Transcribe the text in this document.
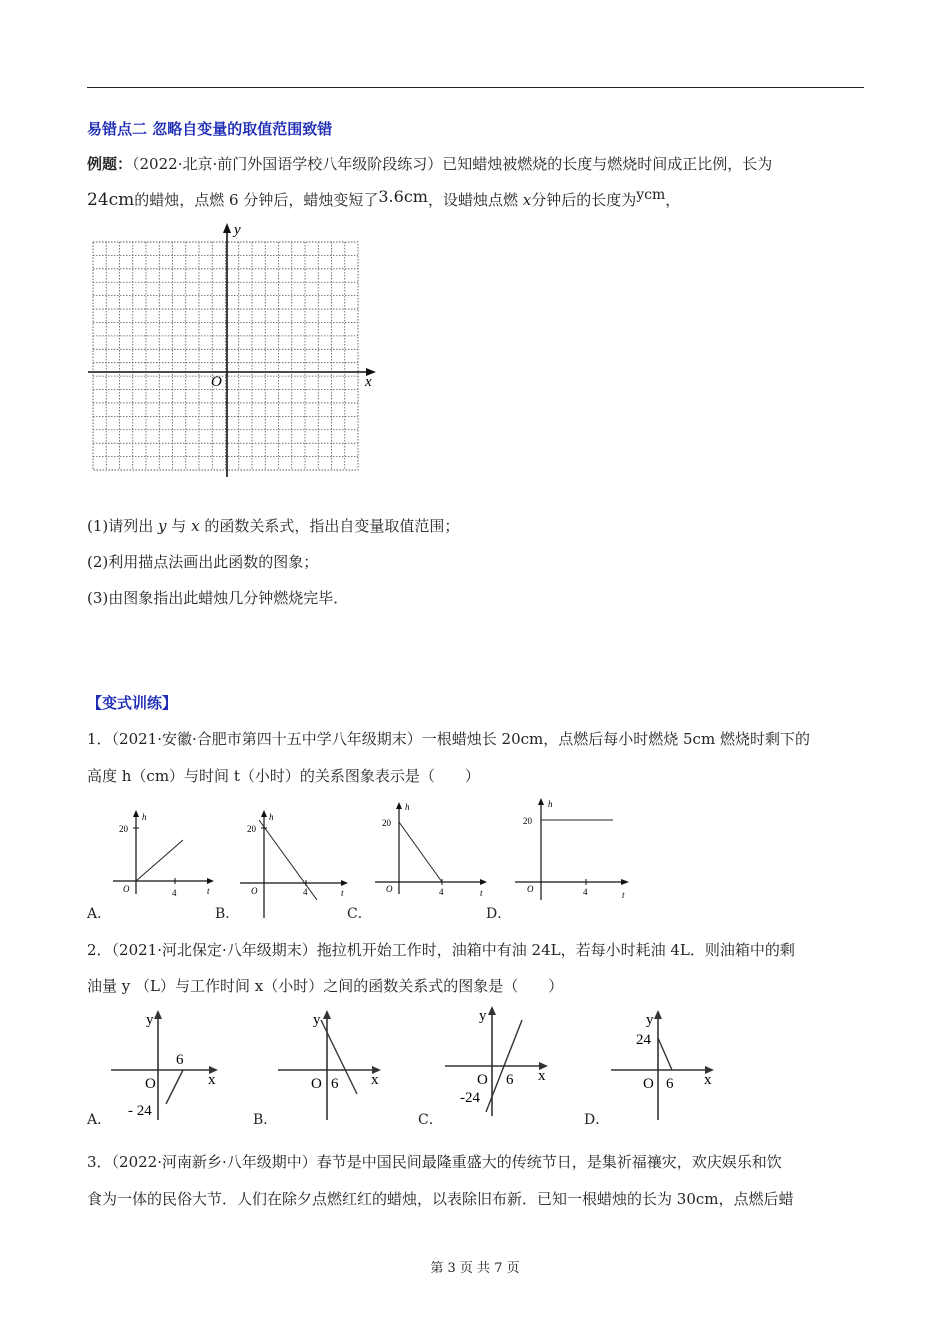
易错点二 忽略自变量的取值范围致错
例题：（2022·北京·前门外国语学校八年级阶段练习）已知蜡烛被燃烧的长度与燃烧时间成正比例，长为
24cm的蜡烛，点燃 6 分钟后，蜡烛变短了3.6cm，设蜡烛点燃 x分钟后的长度为ycm，
y
x
O
(1)请列出 y 与 x 的函数关系式，指出自变量取值范围；
(2)利用描点法画出此函数的图象；
(3)由图象指出此蜡烛几分钟燃烧完毕．
【变式训练】
1．（2021·安徽·合肥市第四十五中学八年级期末）一根蜡烛长 20cm，点燃后每小时燃烧 5cm 燃烧时剩下的
高度 h（cm）与时间 t（小时）的关系图象表示是（　　）
h
20
O	4	t
h
20
O	4	t
h
20
O	4	t
h
20
O	4	t
A．	B．	C．	D．
2．（2021·河北保定·八年级期末）拖拉机开始工作时，油箱中有油 24L，若每小时耗油 4L．则油箱中的剩
油量 y （L）与工作时间 x（小时）之间的函数关系式的图象是（　　）
y
6
O	x
- 24
y
O 6 x
y
O 6 x
-24
y
24
O 6 x
A．	B．	C．	D．
3．（2022·河南新乡·八年级期中）春节是中国民间最隆重盛大的传统节日，是集祈福禳灾，欢庆娱乐和饮
食为一体的民俗大节．人们在除夕点燃红红的蜡烛，以表除旧布新．已知一根蜡烛的长为 30cm，点燃后蜡
第 3 页 共 7 页
